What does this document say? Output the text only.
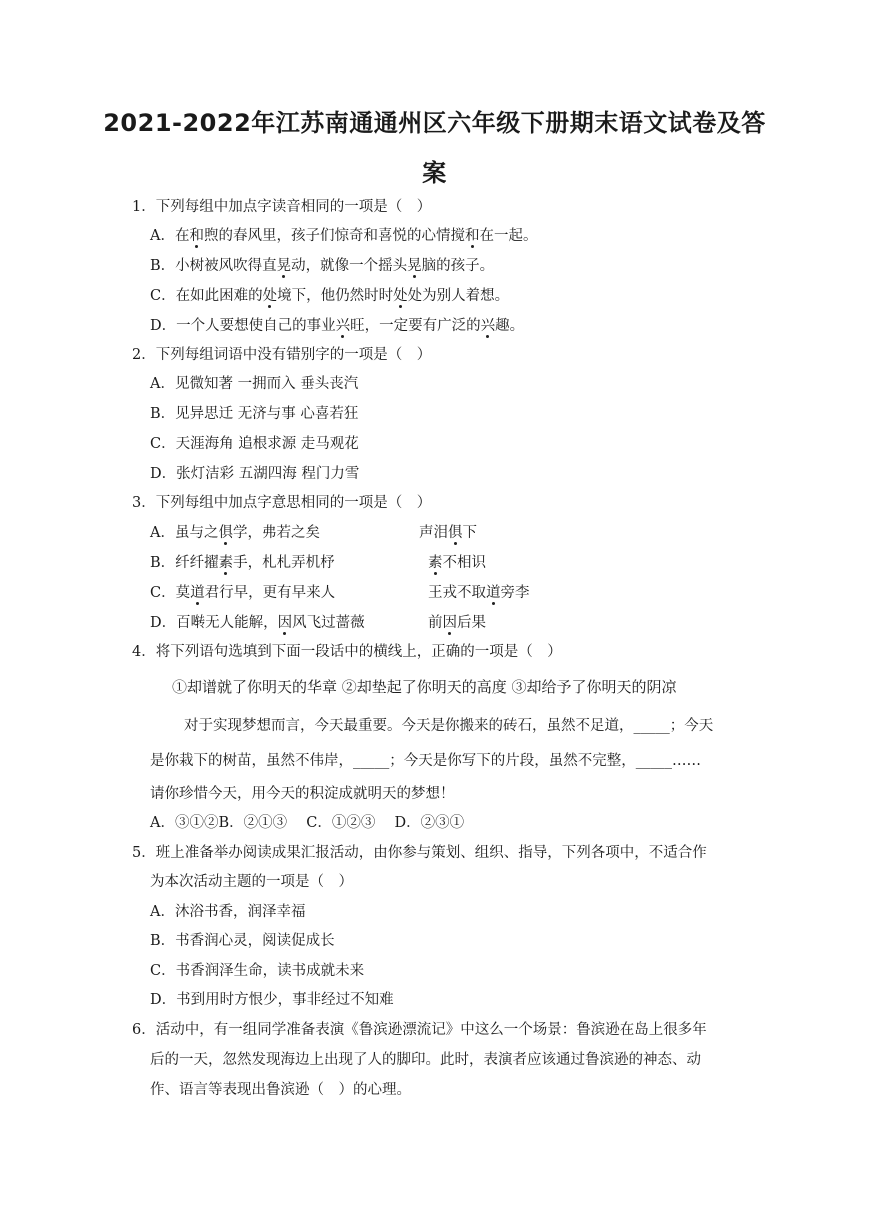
2021-2022年江苏南通通州区六年级下册期末语文试卷及答
案
1．下列每组中加点字读音相同的一项是（　）
A．在和煦的春风里，孩子们惊奇和喜悦的心情搅和在一起。
B．小树被风吹得直晃动，就像一个摇头晃脑的孩子。
C．在如此困难的处境下，他仍然时时处处为别人着想。
D．一个人要想使自己的事业兴旺，一定要有广泛的兴趣。
2．下列每组词语中没有错别字的一项是（　）
A．见微知著 一拥而入 垂头丧汽
B．见异思迁 无济与事 心喜若狂
C．天涯海角 追根求源 走马观花
D．张灯洁彩 五湖四海 程门力雪
3．下列每组中加点字意思相同的一项是（　）
A．虽与之俱学，弗若之矣	声泪俱下
B．纤纤擢素手，札札弄机杼	素不相识
C．莫道君行早，更有早来人	王戎不取道旁李
D．百啭无人能解，因风飞过蔷薇	前因后果
4．将下列语句选填到下面一段话中的横线上，正确的一项是（　）
①却谱就了你明天的华章 ②却垫起了你明天的高度 ③却给予了你明天的阴凉
对于实现梦想而言，今天最重要。今天是你搬来的砖石，虽然不足道，_____；今天
是你栽下的树苗，虽然不伟岸，_____；今天是你写下的片段，虽然不完整，_____……
请你珍惜今天，用今天的积淀成就明天的梦想！
A．③①②B．②①③　 C．①②③　 D．②③①
5．班上准备举办阅读成果汇报活动，由你参与策划、组织、指导，下列各项中，不适合作
为本次活动主题的一项是（　）
A．沐浴书香，润泽幸福
B．书香润心灵，阅读促成长
C．书香润泽生命，读书成就未来
D．书到用时方恨少，事非经过不知难
6．活动中，有一组同学准备表演《鲁滨逊漂流记》中这么一个场景：鲁滨逊在岛上很多年
后的一天，忽然发现海边上出现了人的脚印。此时，表演者应该通过鲁滨逊的神态、动
作、语言等表现出鲁滨逊（　）的心理。
